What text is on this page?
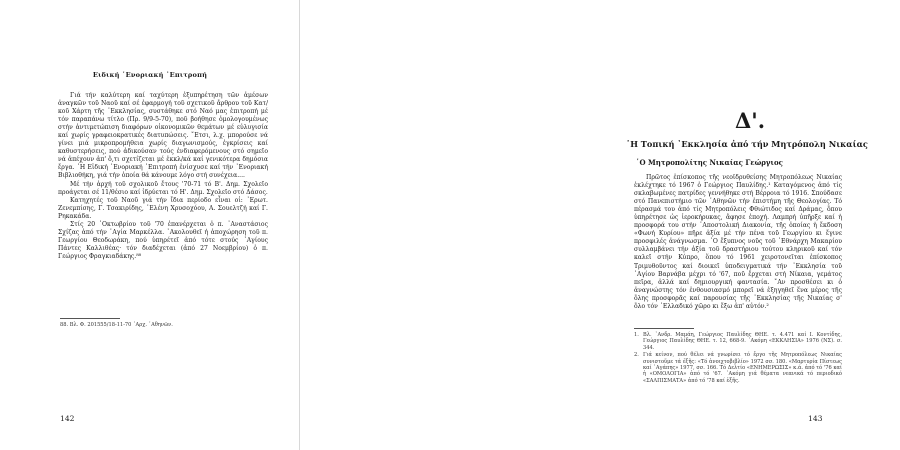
Ειδική ῾Ενοριακή ᾿Επιτροπή

Γιά τήν καλύτερη καί ταχύτερη ἐξυπηρέτηση τῶν ἀμέσων ἀναγκῶν τοῦ Ναοῦ καί σέ ἐφαρμογή τοῦ σχετικοῦ ἄρθρου τοῦ Κατ/κοῦ Χάρτη τῆς ᾿Εκκλησίας, συστάθηκε στό Ναό μας ἐπιτροπή μέ τόν παραπάνω τίτλο (Πρ. 9/9-5-70), ποῦ βοήθησε ὁμολογουμένως στήν ἀντιμετώπιση διαφόρων οἰκονομικῶν θεμάτων μέ εὐλυγισία καί χωρίς γραφειοκρατικές διατυπώσεις. ῎Ετσι, λ.χ. μπορούσε νά γίνει μιά μικροπρομήθεια χωρίς διαγωνισμούς, ἐγκρίσεις καί καθυστερήσεις, πού ἀδικούσαν τούς ἐνδιαφερόμενους στό σημεῖο νά ἀπέχουν ἀπ' ὅ,τι σχετίζεται μέ ἐκκλ/κά καί γενικότερα δημόσια ἔργα. ῾Η Εἰδική ᾿Ενοριακή ᾿Επιτροπή ἐνίσχυσε καί τήν ᾿Ενοριακή Βιβλιοθήκη, γιά τήν ὁποία θά κάνουμε λόγο στή συνέχεια....

Μέ τήν ἀρχή τοῦ σχολικοῦ ἔτους '70-71 τό Β'. Δημ. Σχολεῖο προάγεται σέ 11/θέσιο καί ἱδρύεται τό Η'. Δημ. Σχολεῖο στό Δάσος.

Κατηχητές τοῦ Ναοῦ γιά τήν ἴδια περίοδο εἶναι οἱ: ᾿Ερωτ. Ζενεμπίσης, Γ. Τσακιρίδης, ᾿Ελένη Χρυσοχόου, Α. Σουελτζή καί Γ. Ρηκακάδα.

Στίς 20 ᾿Οκτωβρίου τοῦ '70 ἐπανέρχεται ὁ π. ᾿Αναστάσιος Σχίζας ἀπό τήν ῾Αγία Μαρκέλλα. ᾿Ακολουθεῖ ἡ ἀποχώρηση τοῦ π. Γεωργίου Θεοδωράκη, πού ὑπηρέτεῖ ἀπό τότε στούς ῾Αγίους Πάντες Καλλιθέας· τόν διαδέχεται (ἀπό 27 Νοεμβρίου) ὁ π. Γεώργιος Φραγκιαδάκης.⁸⁸

88. Βλ. Φ. 201555/18-11-70 ᾿Αρχ. ᾿Αθηνῶν.
142
Δ'.
῾Η Τοπική ᾿Εκκλησία ἀπό τήν Μητρόπολη Νικαίας
῾Ο Μητροπολίτης Νικαίας Γεώργιος

Πρῶτος ἐπίσκοπος τῆς νεοϊδρυθείσης Μητροπόλεως Νικαίας ἐκλέχτηκε τό 1967 ὁ Γεώργιος Παυλίδης.¹ Καταγόμενος ἀπό τίς σκλαβωμένες πατρίδες γεννήθηκε στή Βέρροια τό 1916. Σπούδασε στό Πανεπιστήμιο τῶν ᾿Αθηνῶν τήν ἐπιστήμη τῆς Θεολογίας. Τό πέρασμά του ἀπό τίς Μητροπόλεις Φθιώτιδος καί Δράμας, ὅπου ὑπηρέτησε ὡς ἱεροκήρυκας, ἄφησε ἐποχή. Λαμπρή ὑπῆρξε καί ἡ προσφορά του στήν ᾿Αποστολική Διακονία, τῆς ὁποίας ἡ ἔκδοση «Φωνή Κυρίου» πῆρε ἀξία μέ τήν πένα τοῦ Γεωργίου κι ἔγινε προσφιλές ἀνάγνωσμα. ῾Ο ἔξυπνος νοῦς τοῦ ᾿Εθνάρχη Μακαρίου συλλαμβάνει τήν ἀξία τοῦ δραστήριου τούτου κληρικοῦ καί τόν καλεῖ στήν Κύπρο, ὅπου τό 1961 χειροτονεῖται ἐπίσκοπος Τριμυθοῦντος καί διοικεῖ ὑποδειγματικά τήν ᾿Εκκλησία τοῦ ῾Αγίου Βαρνάβα μέχρι τό '67, ποῦ ἔρχεται στή Νίκαια, γεμάτος πεῖρα, ἀλλά καί δημιουργική φαντασία. ῎Αν προσθέσει κι ὁ ἀναγνώστης τόν ἐνθουσιασμό μπορεῖ νά ἐξηγηθεῖ ἕνα μέρος τῆς ὅλης προσφορᾶς καί παρουσίας τῆς ᾿Εκκλησίας τῆς Νικαίας σ' ὅλο τόν ᾿Ελλαδικό χῶρο κι ἔξω ἀπ' αὐτόν.²

1. Βλ. ᾿Ανδρ. Μαμάη, Γεώργιος Παυλίδης ΘΗΕ. τ. 4.471 καί Ι. Κοντίδης, Γεώργιος Παυλίδης ΘΗΕ. τ. 12, 668-9. ᾿Ακόμη «ΕΚΚΛΗΣΙΑ» 1976 (ΝΣ). σ. 344.
2. Γιά κείνον, πού θέλει νά γνωρίσει τό ἔργο τῆς Μητροπόλεως Νικαίας συνιστοῦμε τά ἑξῆς: «Τό ἀνοιχτοβιβλίο» 1972 σσ. 180. «Μαρτυρία Πίστεως καί ᾿Αγάπης» 1977, σσ. 166. Τό Δελτίο «ΕΝΗΜΕΡΩΣΙΣ» κ.ά. ἀπό τό '76 καί ἡ «ΟΜΟΛΟΓΙΑ» ἀπό τό '67. ᾿Ακόμη γιά θέματα νεανικά τό περιοδικό «ΣΑΛΠΙΣΜΑΤΑ» ἀπό τό '78 καί ἑξῆς.
143
